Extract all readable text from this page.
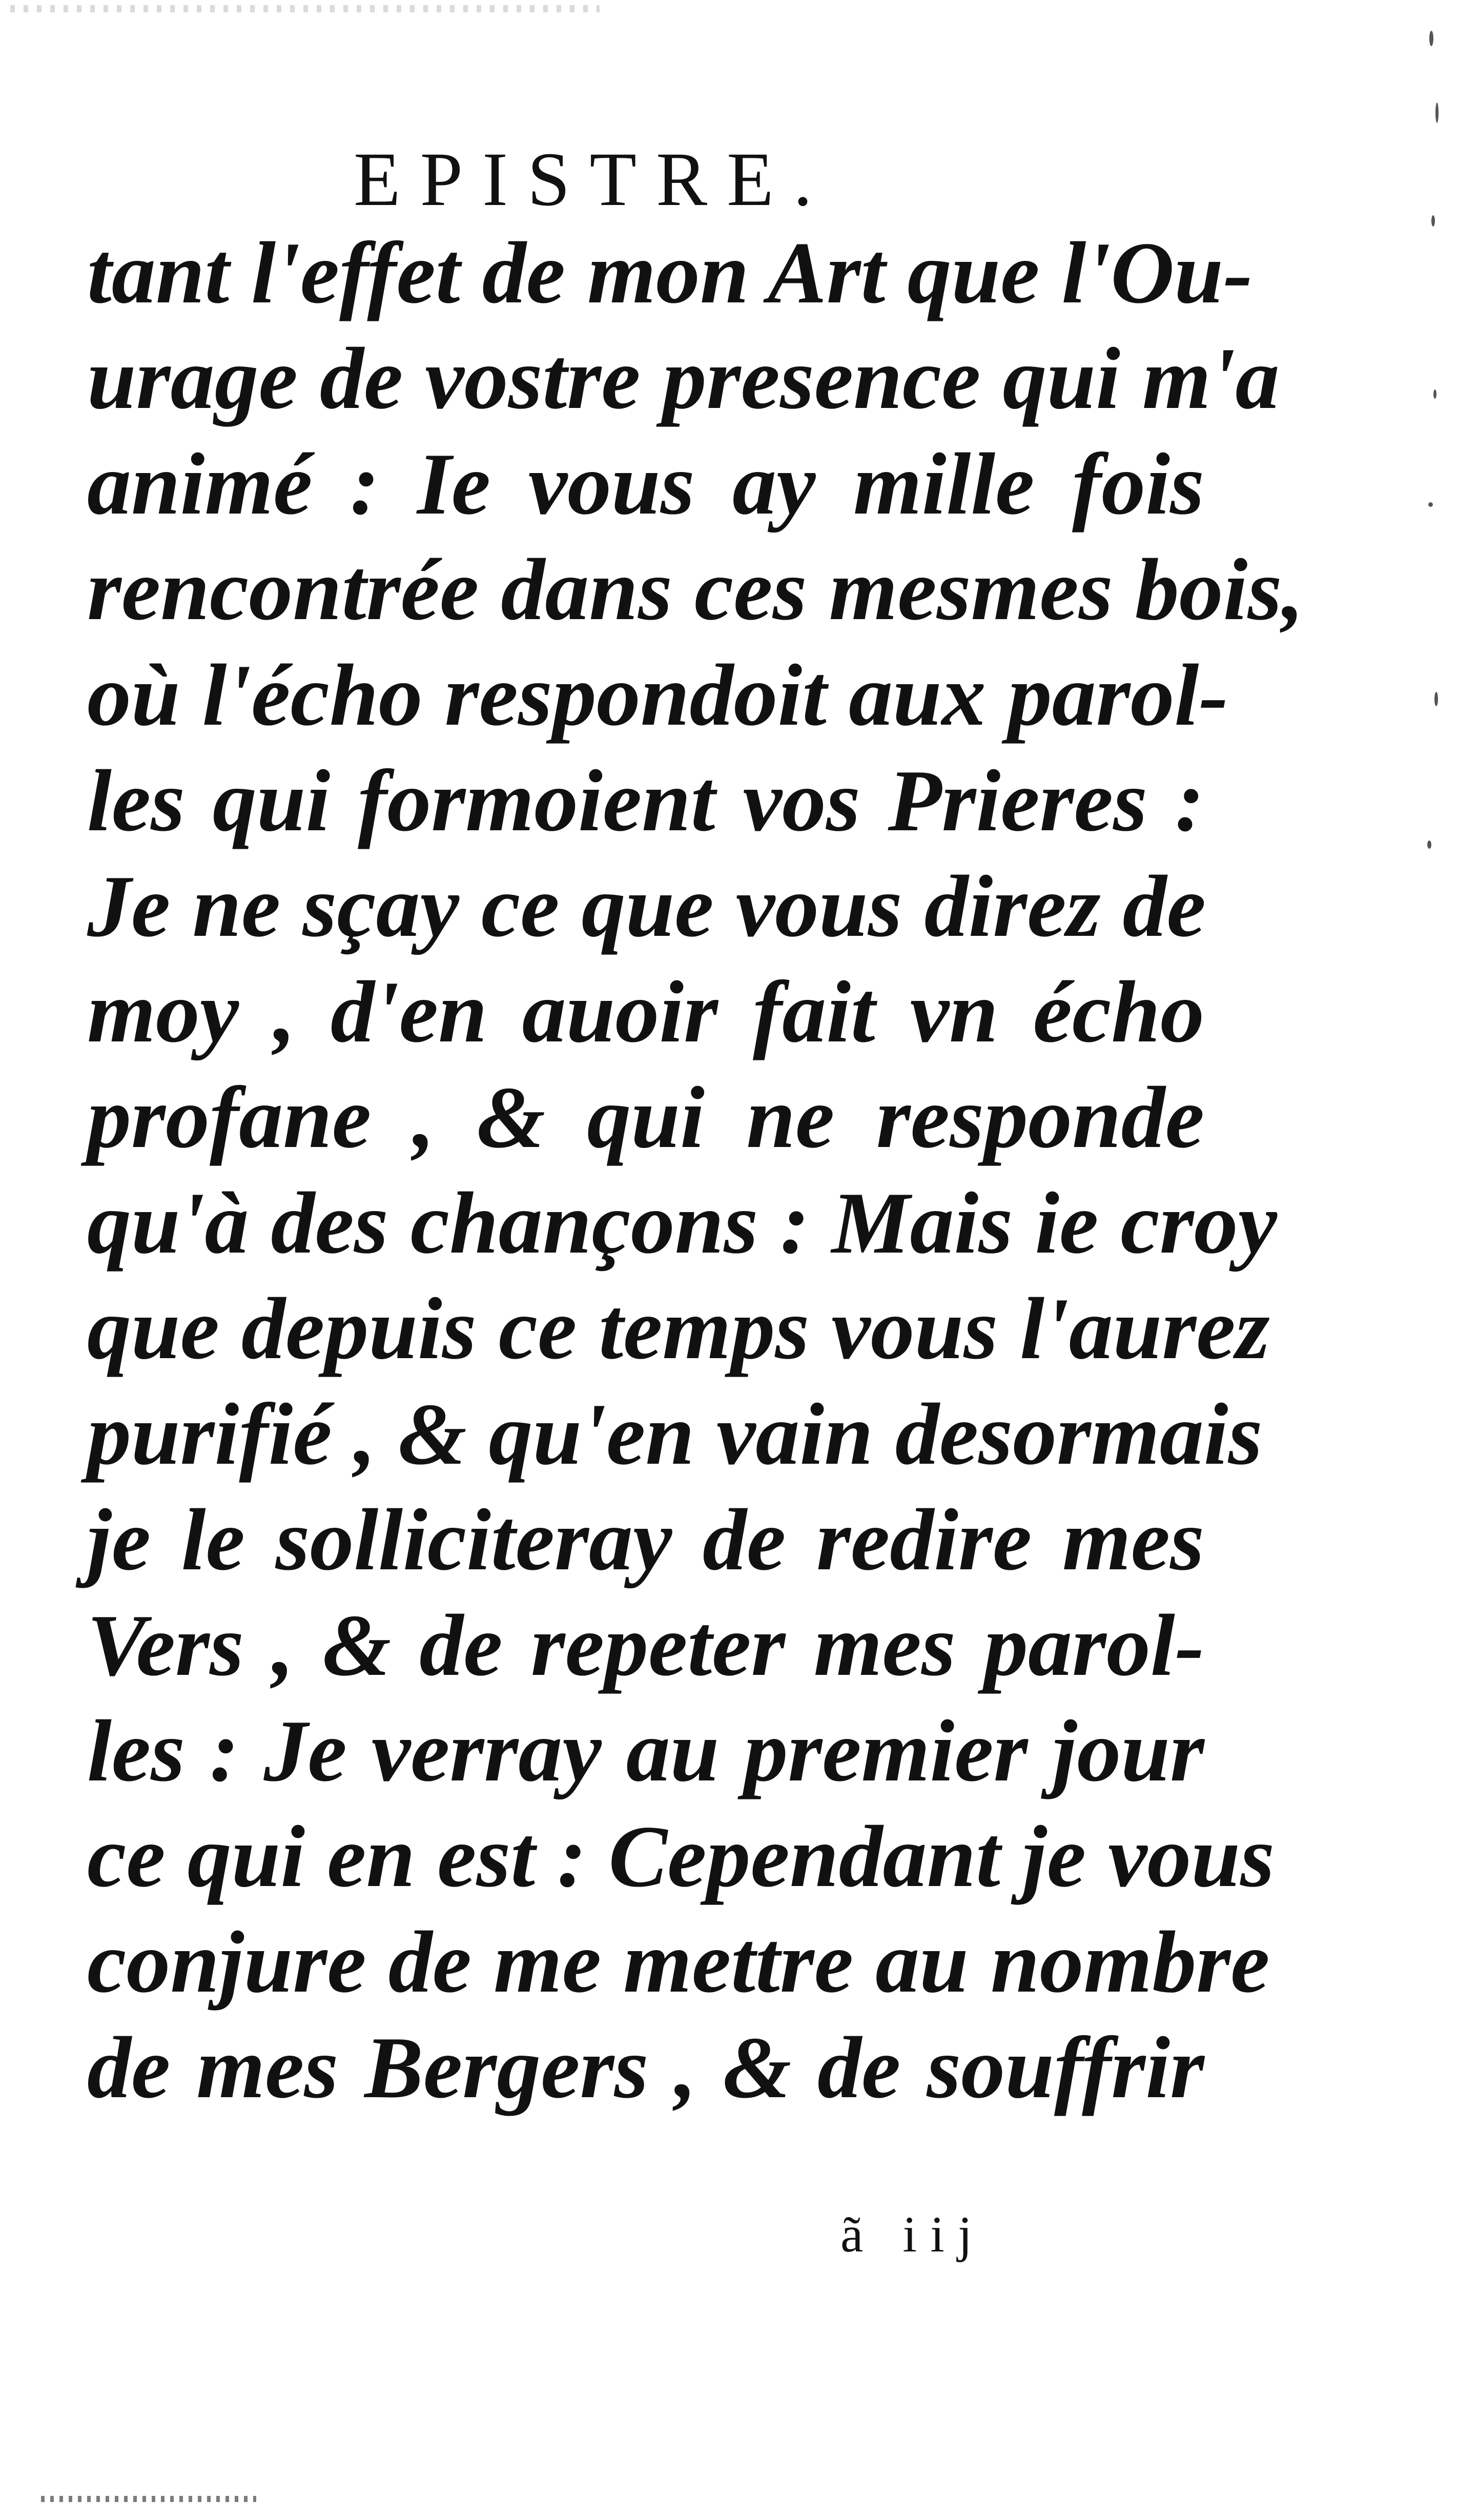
EPISTRE.
tant l'effet de mon Art que l'Ou-
urage de vostre presence qui m'a
animé : Ie vous ay mille fois
rencontrée dans ces mesmes bois,
où l'écho respondoit aux parol-
les qui formoient vos Prieres :
Je ne sçay ce que vous direz de
moy , d'en auoir fait vn écho
profane , & qui ne responde
qu'à des chançons : Mais ie croy
que depuis ce temps vous l'aurez
purifié , & qu'en vain desormais
je le solliciteray de redire mes
Vers , & de repeter mes parol-
les : Je verray au premier jour
ce qui en est : Cependant je vous
conjure de me mettre au nombre
de mes Bergers , & de souffrir
ã iij
